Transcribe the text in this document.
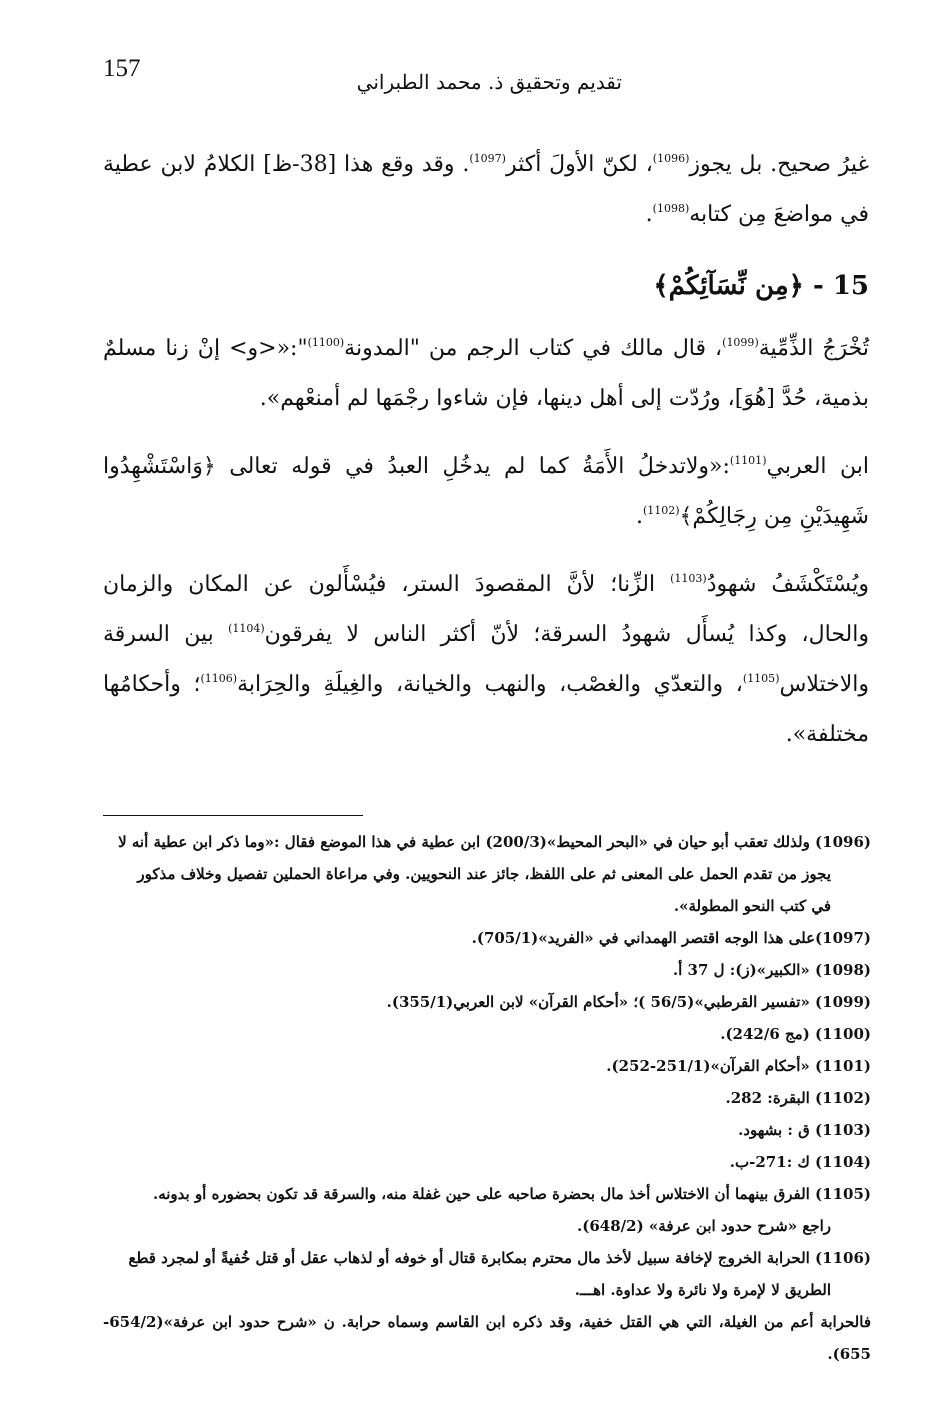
157	تقديم وتحقيق ذ. محمد الطبراني

غيرُ صحيح. بل يجوز$^{(1096)}$، لكنّ الأولَ أكثر$^{(1097)}$. وقد وقع هذا [38-ظ] الكلامُ لابن عطية في مواضعَ مِن كتابه$^{(1098)}$.

15 - ﴿مِن نِّسَآئِكُمْ﴾

تُخْرَجُ الذِّمِّية$^{(1099)}$، قال مالك في كتاب الرجم من "المدونة$^{(1100)}$":«<و> إنْ زنا مسلمٌ بذمية، حُدَّ [هُوَ]، ورُدّت إلى أهل دينها، فإن شاءوا رجْمَها لم أمنعْهم».

ابن العربي$^{(1101)}$:«ولاتدخلُ الأَمَةُ كما لم يدخُلِ العبدُ في قوله تعالى ﴿وَاسْتَشْهِدُوا شَهِيدَيْنِ مِن رِجَالِكُمْ﴾$^{(1102)}$.

ويُسْتَكْشَفُ شهودُ$^{(1103)}$ الزِّنا؛ لأنَّ المقصودَ الستر، فيُسْأَلون عن المكان والزمان والحال، وكذا يُسأَل شهودُ السرقة؛ لأنّ أكثر الناس لا يفرقون$^{(1104)}$ بين السرقة والاختلاس$^{(1105)}$، والتعدّي والغصْب، والنهب والخيانة، والغِيلَةِ والحِرَابة$^{(1106)}$؛ وأحكامُها مختلفة».

(1096) ولذلك تعقب أبو حيان في «البحر المحيط»(200/3) ابن عطية في هذا الموضع فقال :«وما ذكر ابن عطية أنه لا

يجوز من تقدم الحمل على المعنى ثم على اللفظ، جائز عند النحويين. وفي مراعاة الحملين تفصيل وخلاف مذكور

في كتب النحو المطولة».

(1097)على هذا الوجه اقتصر الهمداني في «الفريد»(705/1).

(1098) «الكبير»(ز): ل 37 أ.

(1099) «تفسير القرطبي»(56/5 )؛ «أحكام القرآن» لابن العربي(355/1).

(1100) (مج 242/6).

(1101) «أحكام القرآن»(251/1-252).

(1102) البقرة: 282.

(1103) ق : بشهود.

(1104) ك :271-ب.

(1105) الفرق بينهما أن الاختلاس أخذ مال بحضرة صاحبه على حين غفلة منه، والسرقة قد تكون بحضوره أو بدونه.

راجع «شرح حدود ابن عرفة» (648/2).

(1106) الحرابة الخروج لإخافة سبيل لأخذ مال محترم بمكابرة قتال أو خوفه أو لذهاب عقل أو قتل خُفيةً أو لمجرد قطع

الطريق لا لإمرة ولا نائرة ولا عداوة. اهـــ.

فالحرابة أعم من الغيلة، التي هي القتل خفية، وقد ذكره ابن القاسم وسماه حرابة. ن «شرح حدود ابن عرفة»(654/2-655).
